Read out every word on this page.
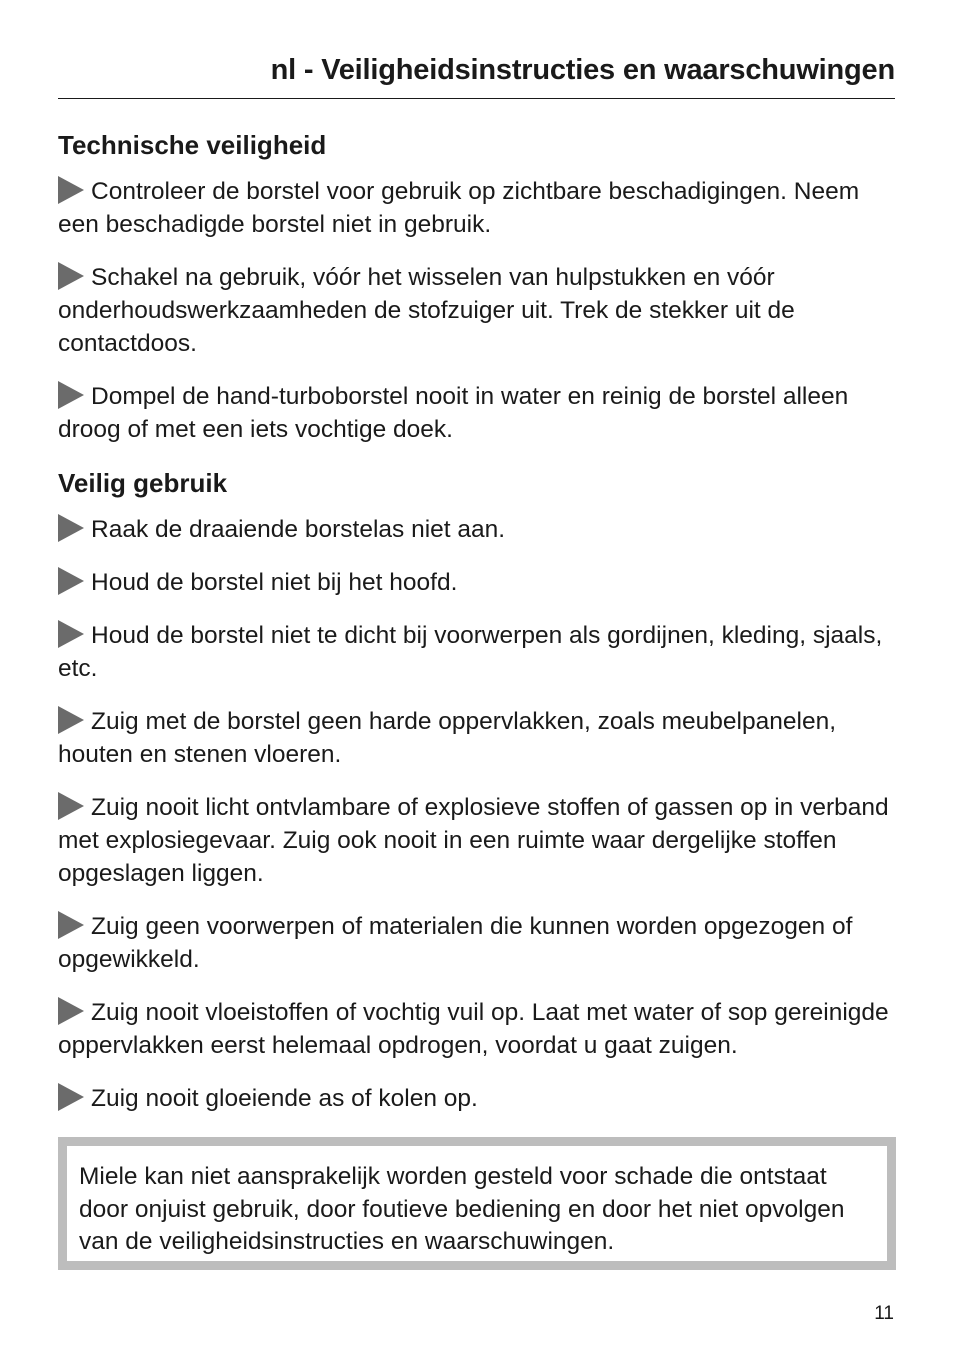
nl - Veiligheidsinstructies en waarschuwingen
Technische veiligheid
Controleer de borstel voor gebruik op zichtbare beschadigingen. Neem een beschadigde borstel niet in gebruik.
Schakel na gebruik, vóór het wisselen van hulpstukken en vóór onderhoudswerkzaamheden de stofzuiger uit. Trek de stekker uit de contactdoos.
Dompel de hand-turboborstel nooit in water en reinig de borstel alleen droog of met een iets vochtige doek.
Veilig gebruik
Raak de draaiende borstelas niet aan.
Houd de borstel niet bij het hoofd.
Houd de borstel niet te dicht bij voorwerpen als gordijnen, kleding, sjaals, etc.
Zuig met de borstel geen harde oppervlakken, zoals meubelpanelen, houten en stenen vloeren.
Zuig nooit licht ontvlambare of explosieve stoffen of gassen op in verband met explosiegevaar. Zuig ook nooit in een ruimte waar dergelijke stoffen opgeslagen liggen.
Zuig geen voorwerpen of materialen die kunnen worden opgezogen of opgewikkeld.
Zuig nooit vloeistoffen of vochtig vuil op. Laat met water of sop gereinigde oppervlakken eerst helemaal opdrogen, voordat u gaat zuigen.
Zuig nooit gloeiende as of kolen op.
Miele kan niet aansprakelijk worden gesteld voor schade die ontstaat door onjuist gebruik, door foutieve bediening en door het niet opvolgen van de veiligheidsinstructies en waarschuwingen.
11
